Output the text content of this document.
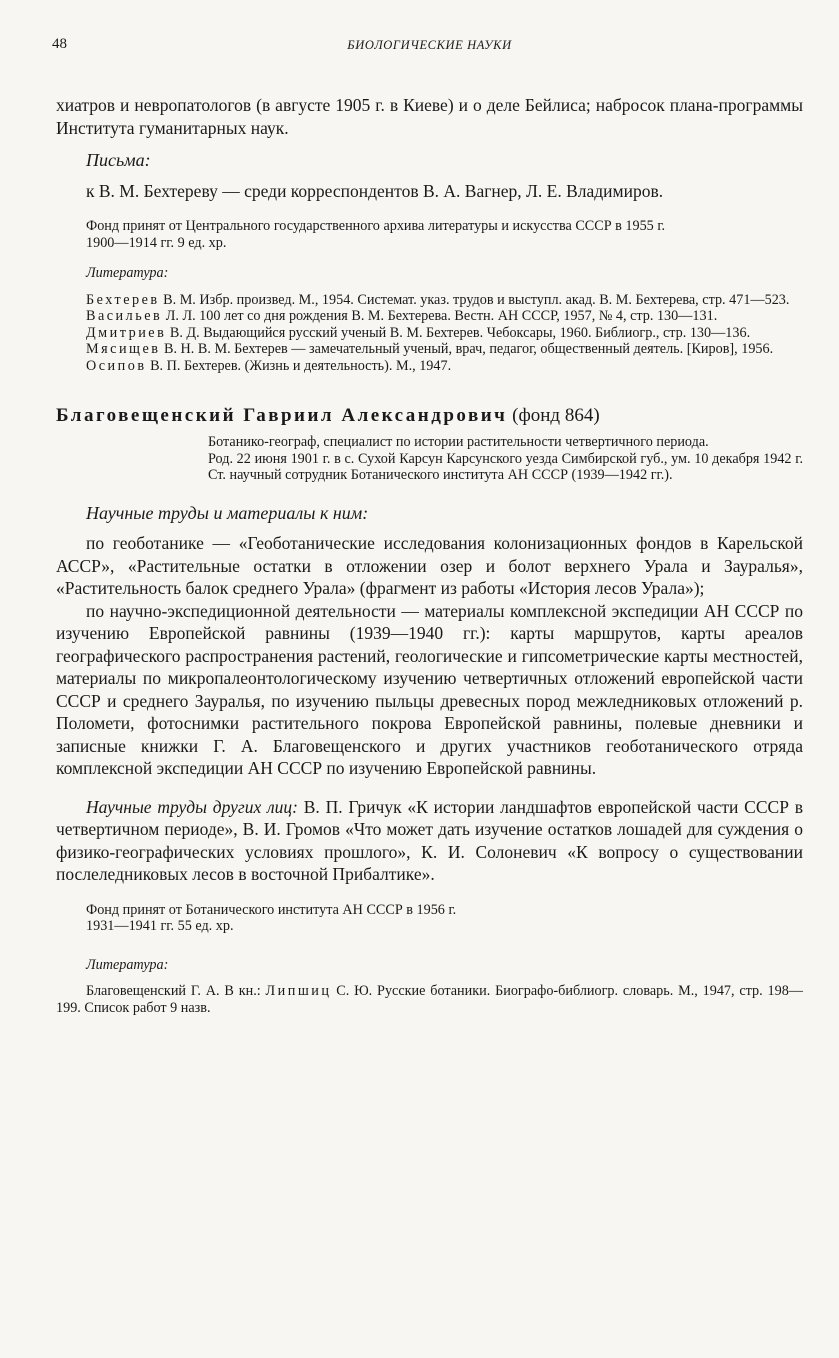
48	БИОЛОГИЧЕСКИЕ НАУКИ

хиатров и невропатологов (в августе 1905 г. в Киеве) и о деле Бейлиса; набросок плана-программы Института гуманитарных наук.

Письма:

к В. М. Бехтереву — среди корреспондентов В. А. Вагнер, Л. Е. Владимиров.

Фонд принят от Центрального государственного архива литературы и искусства СССР в 1955 г.

1900—1914 гг. 9 ед. хр.

Литература:

Бехтерев В. М. Избр. произвед. М., 1954. Системат. указ. трудов и выступл. акад. В. М. Бехтерева, стр. 471—523.

Васильев Л. Л. 100 лет со дня рождения В. М. Бехтерева. Вестн. АН СССР, 1957, № 4, стр. 130—131.

Дмитриев В. Д. Выдающийся русский ученый В. М. Бехтерев. Чебоксары, 1960. Библиогр., стр. 130—136.

Мясищев В. Н. В. М. Бехтерев — замечательный ученый, врач, педагог, общественный деятель. [Киров], 1956.

Осипов В. П. Бехтерев. (Жизнь и деятельность). М., 1947.

Благовещенский Гавриил Александрович (фонд 864)

Ботанико-географ, специалист по истории растительности четвертичного периода.

Род. 22 июня 1901 г. в с. Сухой Карсун Карсунского уезда Симбирской губ., ум. 10 декабря 1942 г. Ст. научный сотрудник Ботанического института АН СССР (1939—1942 гг.).

Научные труды и материалы к ним:

по геоботанике — «Геоботанические исследования колонизационных фондов в Карельской АССР», «Растительные остатки в отложении озер и болот верхнего Урала и Зауралья», «Растительность балок среднего Урала» (фрагмент из работы «История лесов Урала»);

по научно-экспедиционной деятельности — материалы комплексной экспедиции АН СССР по изучению Европейской равнины (1939—1940 гг.): карты маршрутов, карты ареалов географического распространения растений, геологические и гипсометрические карты местностей, материалы по микропалеонтологическому изучению четвертичных отложений европейской части СССР и среднего Зауралья, по изучению пыльцы древесных пород межледниковых отложений р. Поломети, фотоснимки растительного покрова Европейской равнины, полевые дневники и записные книжки Г. А. Благовещенского и других участников геоботанического отряда комплексной экспедиции АН СССР по изучению Европейской равнины.

Научные труды других лиц: В. П. Гричук «К истории ландшафтов европейской части СССР в четвертичном периоде», В. И. Громов «Что может дать изучение остатков лошадей для суждения о физико-географических условиях прошлого», К. И. Солоневич «К вопросу о существовании послеледниковых лесов в восточной Прибалтике».

Фонд принят от Ботанического института АН СССР в 1956 г.

1931—1941 гг. 55 ед. хр.

Литература:

Благовещенский Г. А. В кн.: Липшиц С. Ю. Русские ботаники. Биографо-библиогр. словарь. М., 1947, стр. 198—199. Список работ 9 назв.
